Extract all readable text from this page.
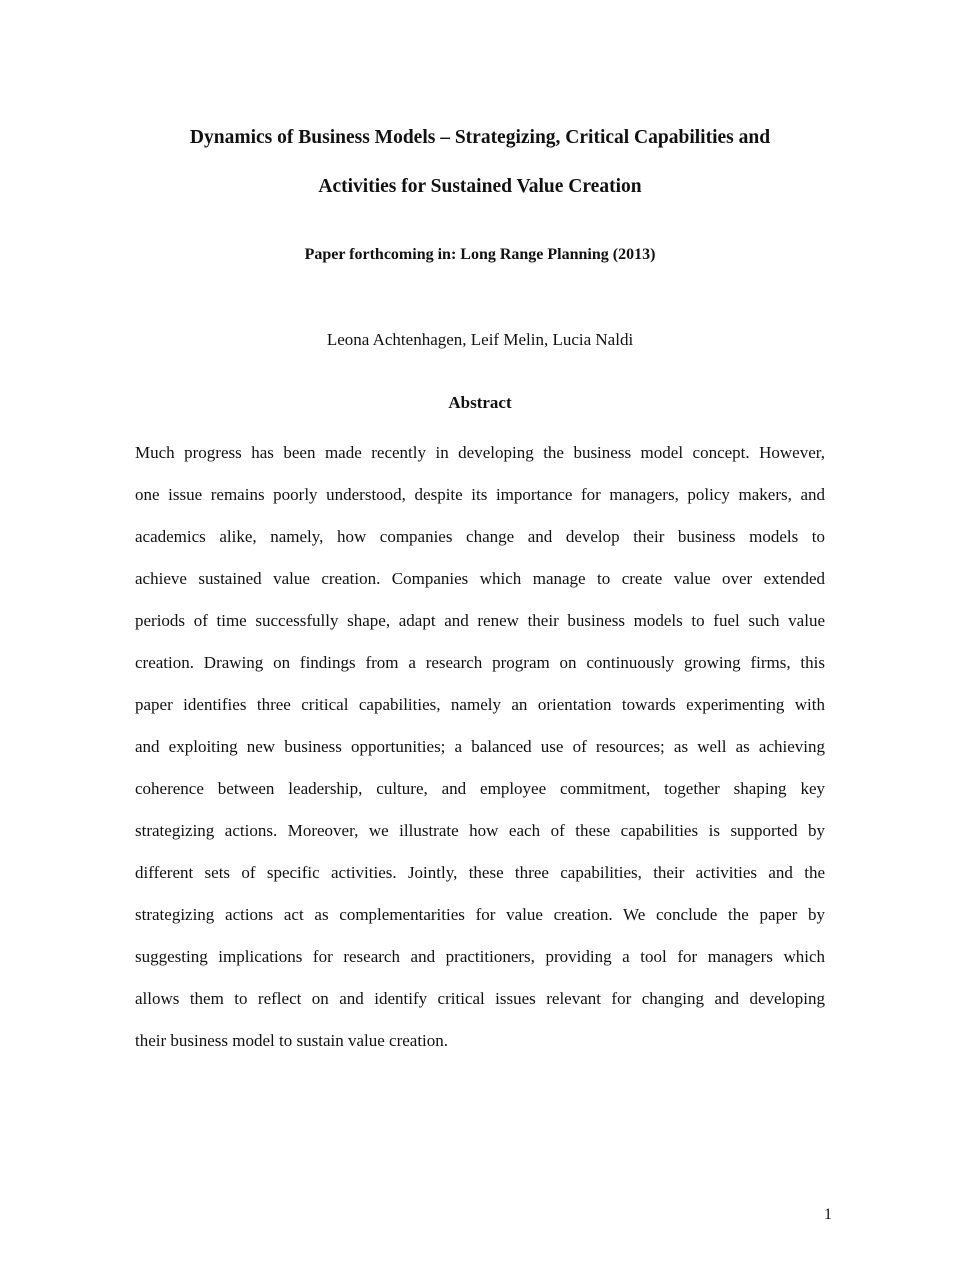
Dynamics of Business Models – Strategizing, Critical Capabilities and
Activities for Sustained Value Creation

Paper forthcoming in: Long Range Planning (2013)

Leona Achtenhagen, Leif Melin, Lucia Naldi

Abstract
Much progress has been made recently in developing the business model concept. However,
one issue remains poorly understood, despite its importance for managers, policy makers, and
academics alike, namely, how companies change and develop their business models to
achieve sustained value creation. Companies which manage to create value over extended
periods of time successfully shape, adapt and renew their business models to fuel such value
creation. Drawing on findings from a research program on continuously growing firms, this
paper identifies three critical capabilities, namely an orientation towards experimenting with
and exploiting new business opportunities; a balanced use of resources; as well as achieving
coherence between leadership, culture, and employee commitment, together shaping key
strategizing actions. Moreover, we illustrate how each of these capabilities is supported by
different sets of specific activities. Jointly, these three capabilities, their activities and the
strategizing actions act as complementarities for value creation. We conclude the paper by
suggesting implications for research and practitioners, providing a tool for managers which
allows them to reflect on and identify critical issues relevant for changing and developing
their business model to sustain value creation.

1
